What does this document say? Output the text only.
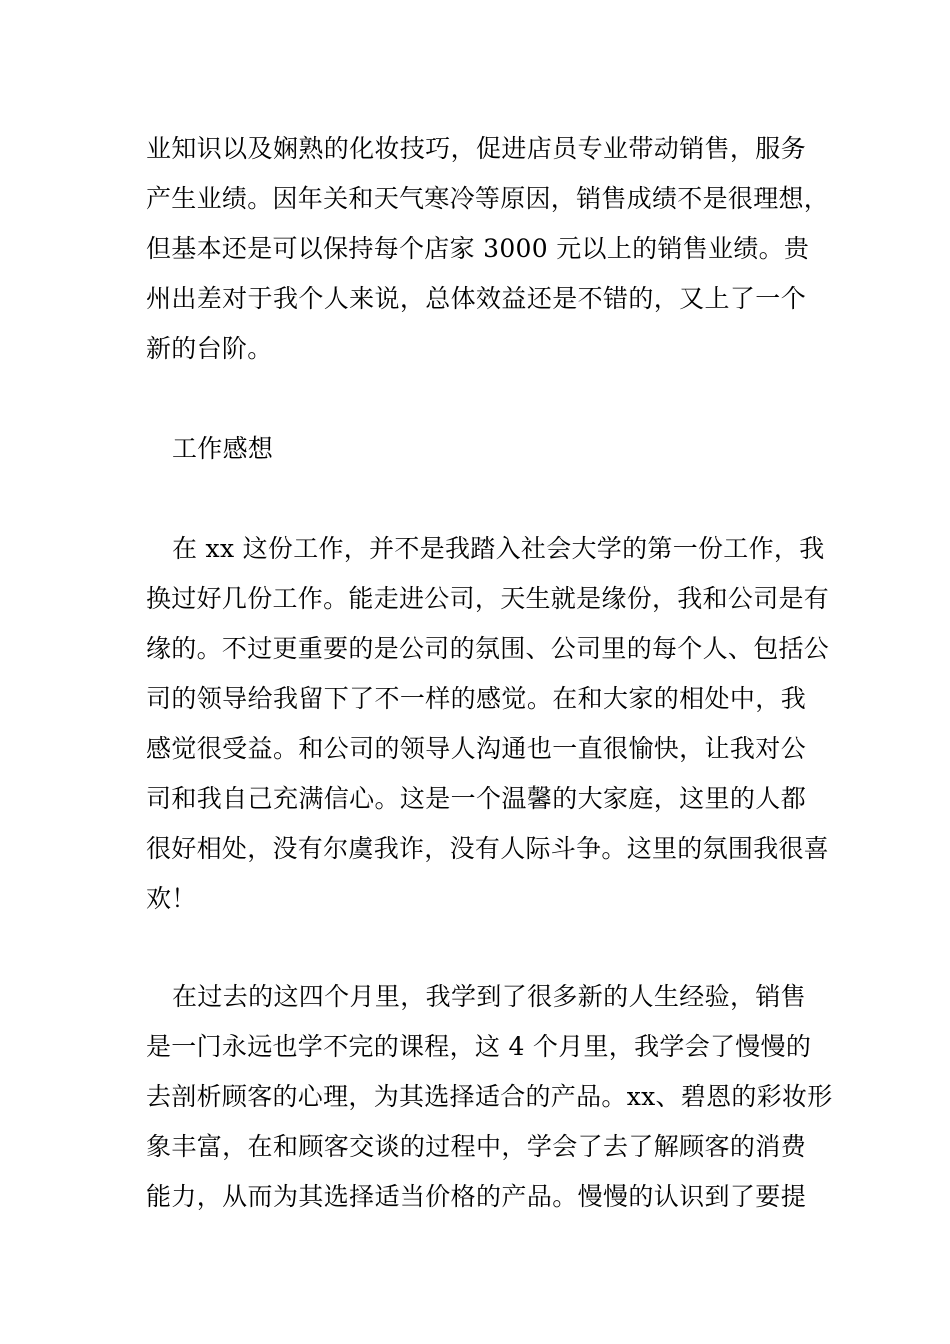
业知识以及娴熟的化妆技巧，促进店员专业带动销售，服务
产生业绩。因年关和天气寒冷等原因，销售成绩不是很理想，
但基本还是可以保持每个店家 3000 元以上的销售业绩。贵
州出差对于我个人来说，总体效益还是不错的，又上了一个
新的台阶。
工作感想
在 xx 这份工作，并不是我踏入社会大学的第一份工作，我
换过好几份工作。能走进公司，天生就是缘份，我和公司是有
缘的。不过更重要的是公司的氛围、公司里的每个人、包括公
司的领导给我留下了不一样的感觉。在和大家的相处中，我
感觉很受益。和公司的领导人沟通也一直很愉快，让我对公
司和我自己充满信心。这是一个温馨的大家庭，这里的人都
很好相处，没有尔虞我诈，没有人际斗争。这里的氛围我很喜
欢！
在过去的这四个月里，我学到了很多新的人生经验，销售
是一门永远也学不完的课程，这 4 个月里，我学会了慢慢的
去剖析顾客的心理，为其选择适合的产品。xx、碧恩的彩妆形
象丰富，在和顾客交谈的过程中，学会了去了解顾客的消费
能力，从而为其选择适当价格的产品。慢慢的认识到了要提
